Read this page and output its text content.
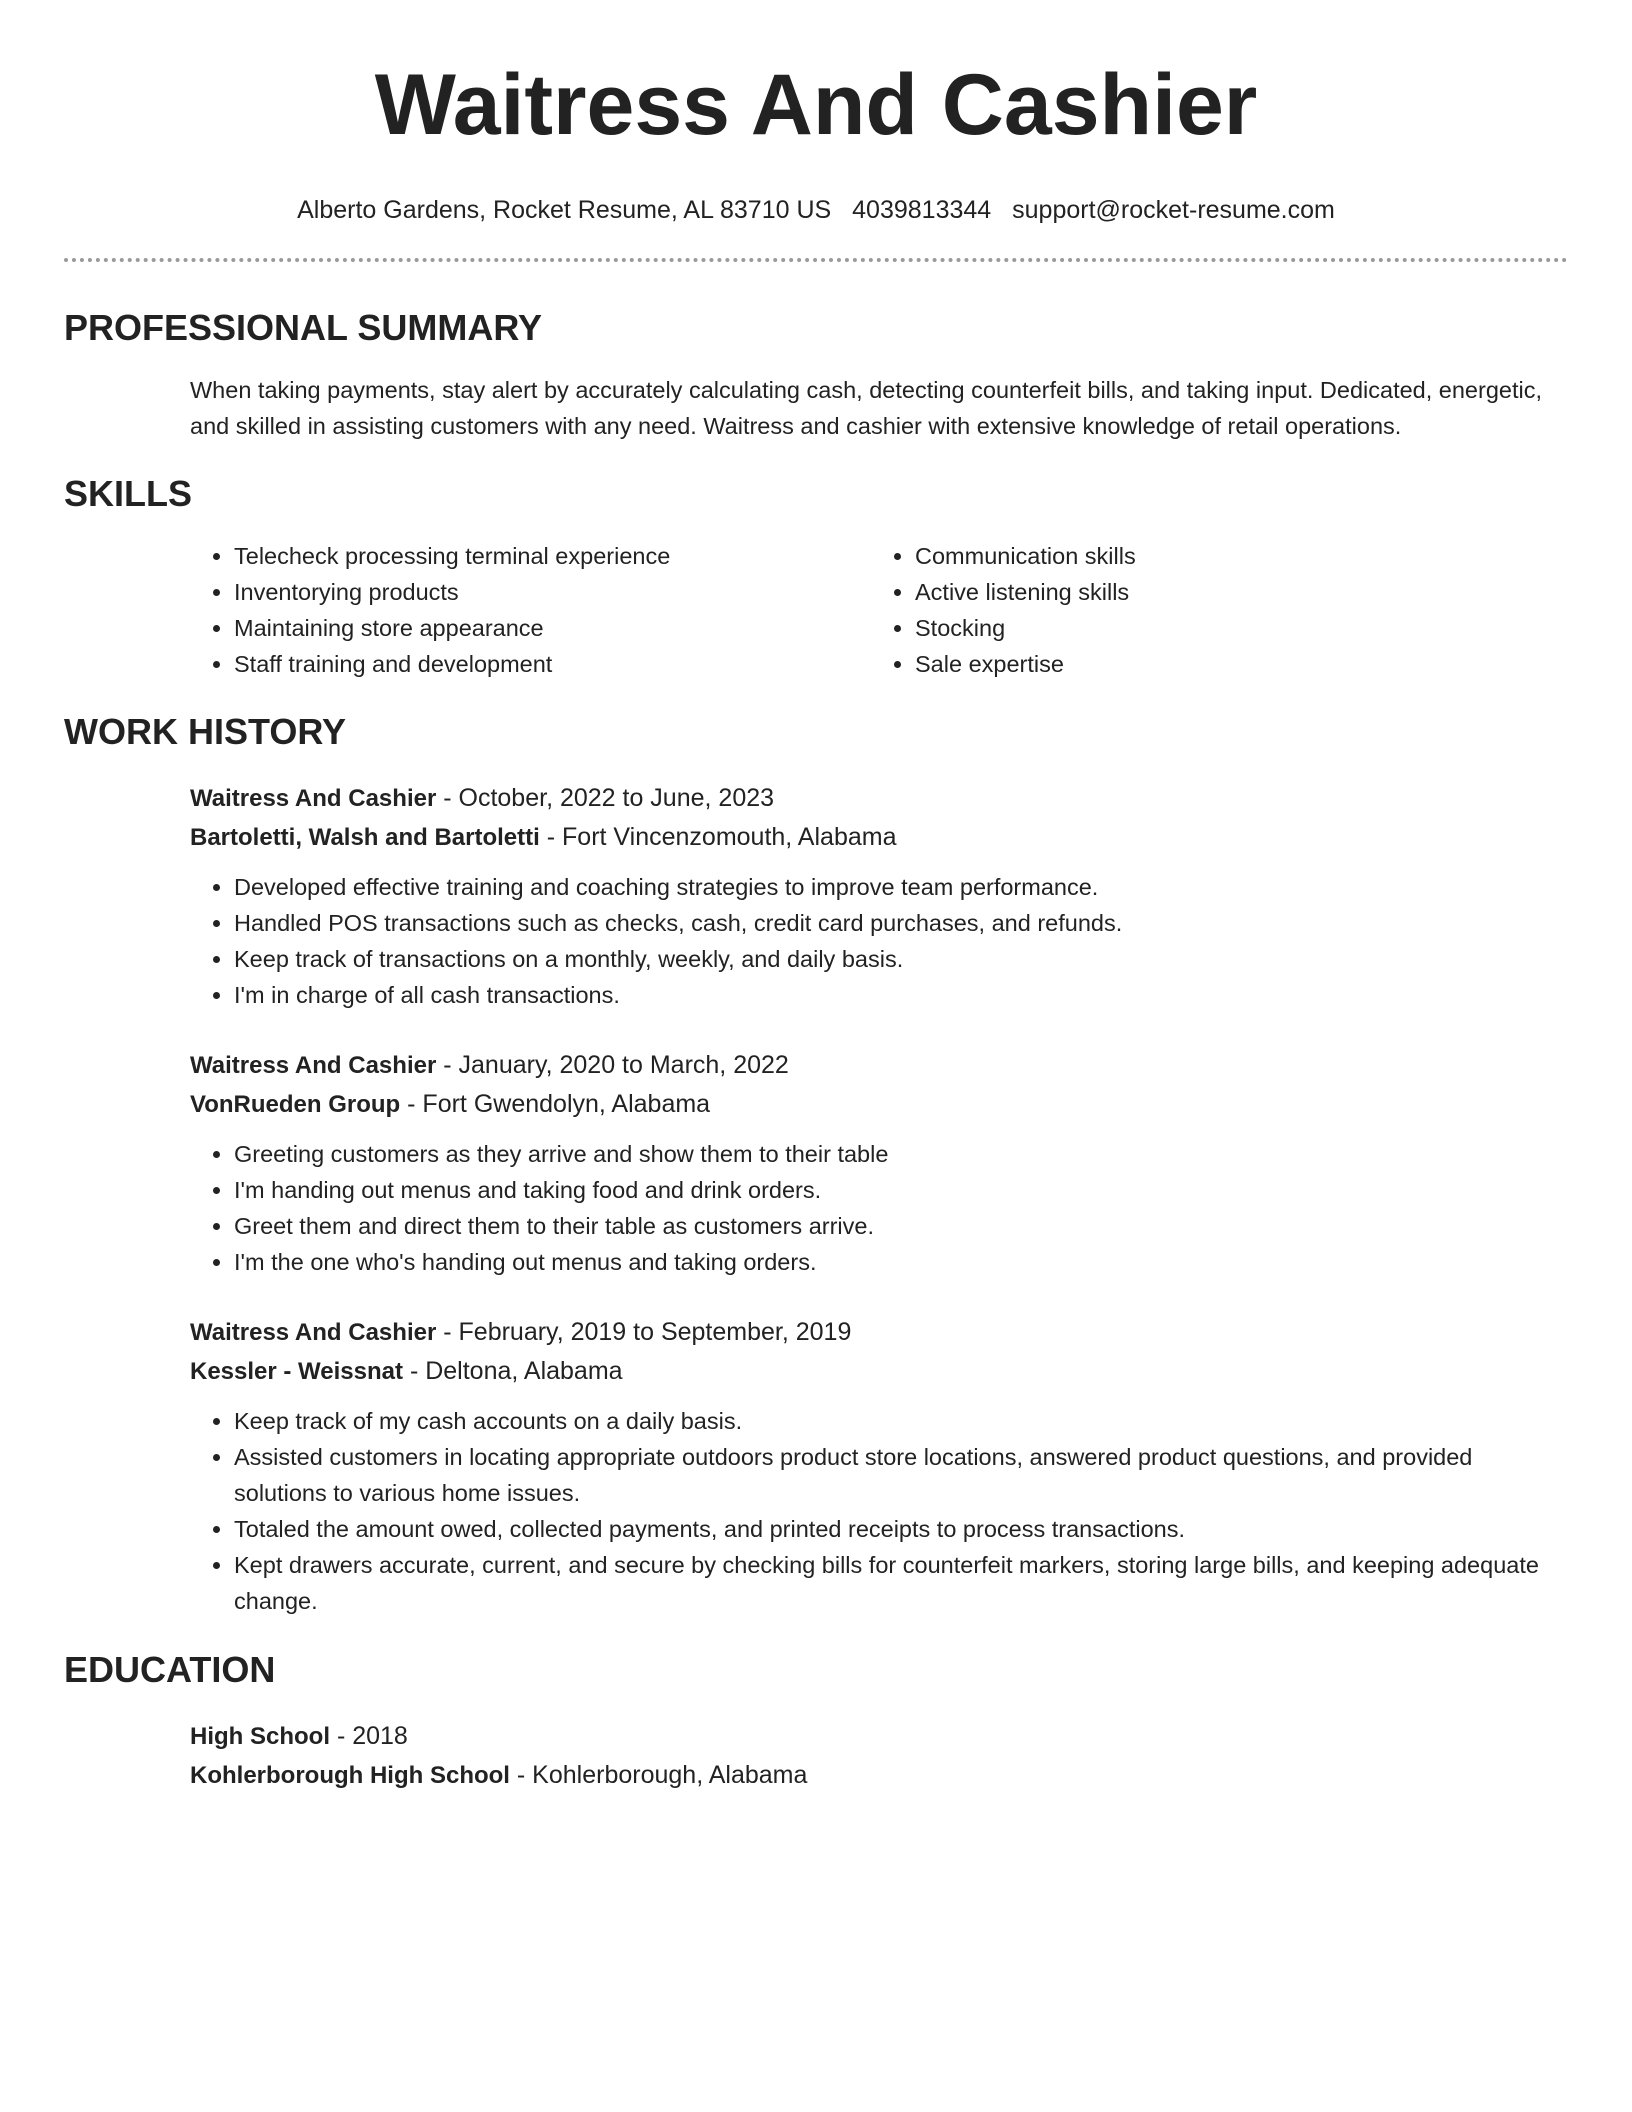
Waitress And Cashier
Alberto Gardens, Rocket Resume, AL 83710 US 4039813344 support@rocket-resume.com
PROFESSIONAL SUMMARY
When taking payments, stay alert by accurately calculating cash, detecting counterfeit bills, and taking input. Dedicated, energetic, and skilled in assisting customers with any need. Waitress and cashier with extensive knowledge of retail operations.
SKILLS
• Telecheck processing terminal experience
• Inventorying products
• Maintaining store appearance
• Staff training and development
• Communication skills
• Active listening skills
• Stocking
• Sale expertise
WORK HISTORY
Waitress And Cashier - October, 2022 to June, 2023
Bartoletti, Walsh and Bartoletti - Fort Vincenzomouth, Alabama
• Developed effective training and coaching strategies to improve team performance.
• Handled POS transactions such as checks, cash, credit card purchases, and refunds.
• Keep track of transactions on a monthly, weekly, and daily basis.
• I'm in charge of all cash transactions.
Waitress And Cashier - January, 2020 to March, 2022
VonRueden Group - Fort Gwendolyn, Alabama
• Greeting customers as they arrive and show them to their table
• I'm handing out menus and taking food and drink orders.
• Greet them and direct them to their table as customers arrive.
• I'm the one who's handing out menus and taking orders.
Waitress And Cashier - February, 2019 to September, 2019
Kessler - Weissnat - Deltona, Alabama
• Keep track of my cash accounts on a daily basis.
• Assisted customers in locating appropriate outdoors product store locations, answered product questions, and provided solutions to various home issues.
• Totaled the amount owed, collected payments, and printed receipts to process transactions.
• Kept drawers accurate, current, and secure by checking bills for counterfeit markers, storing large bills, and keeping adequate change.
EDUCATION
High School - 2018
Kohlerborough High School - Kohlerborough, Alabama
